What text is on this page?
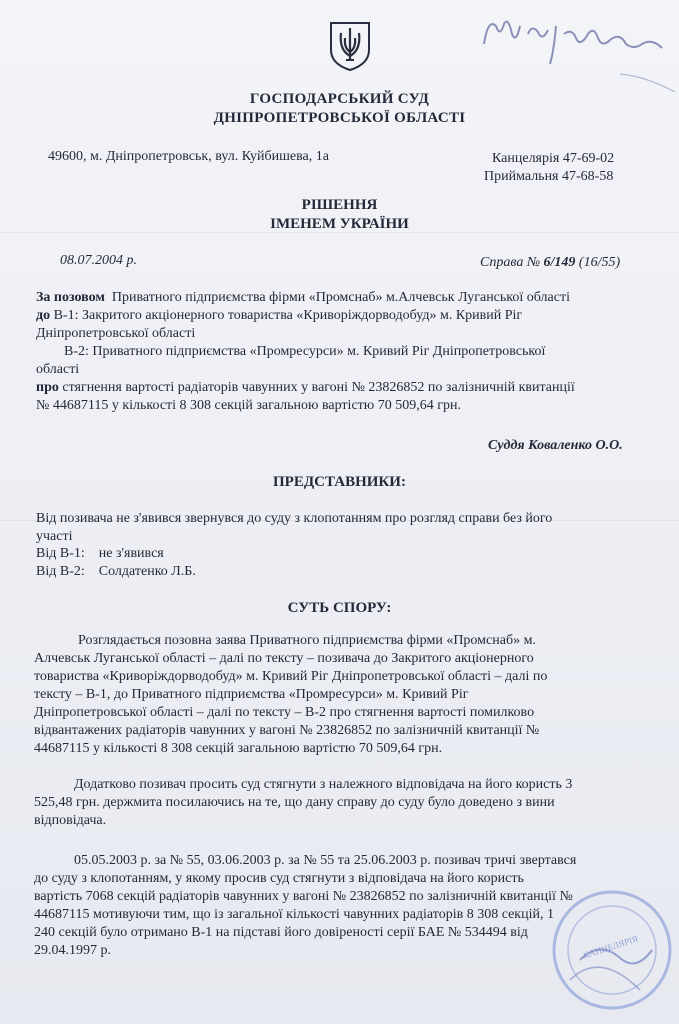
ГОСПОДАРСЬКИЙ СУД
ДНІПРОПЕТРОВСЬКОЇ ОБЛАСТІ
49600, м. Дніпропетровськ, вул. Куйбишева, 1а	Канцелярія 47-69-02
Приймальня 47-68-58
РІШЕННЯ
ІМЕНЕМ УКРАЇНИ
08.07.2004 р.	Справа № 6/149 (16/55)
За позовом Приватного підприємства фірми «Промснаб» м.Алчевськ Луганської області
до В-1: Закритого акціонерного товариства «Криворіждорводобуд» м. Кривий Ріг
Дніпропетровської області
В-2: Приватного підприємства «Промресурси» м. Кривий Ріг Дніпропетровської
області
про стягнення вартості радіаторів чавунних у вагоні № 23826852 по залізничній квитанції
№ 44687115 у кількості 8 308 секцій загальною вартістю 70 509,64 грн.
Суддя Коваленко О.О.
ПРЕДСТАВНИКИ:
Від позивача не з'явився звернувся до суду з клопотанням про розгляд справи без його
участі
Від В-1: не з'явився
Від В-2: Солдатенко Л.Б.
СУТЬ СПОРУ:
Розглядається позовна заява Приватного підприємства фірми «Промснаб» м.
Алчевськ Луганської області – далі по тексту – позивача до Закритого акціонерного
товариства «Криворіждорводобуд» м. Кривий Ріг Дніпропетровської області – далі по
тексту – В-1, до Приватного підприємства «Промресурси» м. Кривий Ріг
Дніпропетровської області – далі по тексту – В-2 про стягнення вартості помилково
відвантажених радіаторів чавунних у вагоні № 23826852 по залізничній квитанції №
44687115 у кількості 8 308 секцій загальною вартістю 70 509,64 грн.
Додатково позивач просить суд стягнути з належного відповідача на його користь 3
525,48 грн. держмита посилаючись на те, що дану справу до суду було доведено з вини
відповідача.
05.05.2003 р. за № 55, 03.06.2003 р. за № 55 та 25.06.2003 р. позивач тричі звертався
до суду з клопотанням, у якому просив суд стягнути з відповідача на його користь
вартість 7068 секцій радіаторів чавунних у вагоні № 23826852 по залізничній квитанції №
44687115 мотивуючи тим, що із загальної кількості чавунних радіаторів 8 308 секцій, 1
240 секцій було отримано В-1 на підставі його довіреності серії БАЕ № 534494 від
29.04.1997 р.	КАНЦЕЛЯРІЯ
